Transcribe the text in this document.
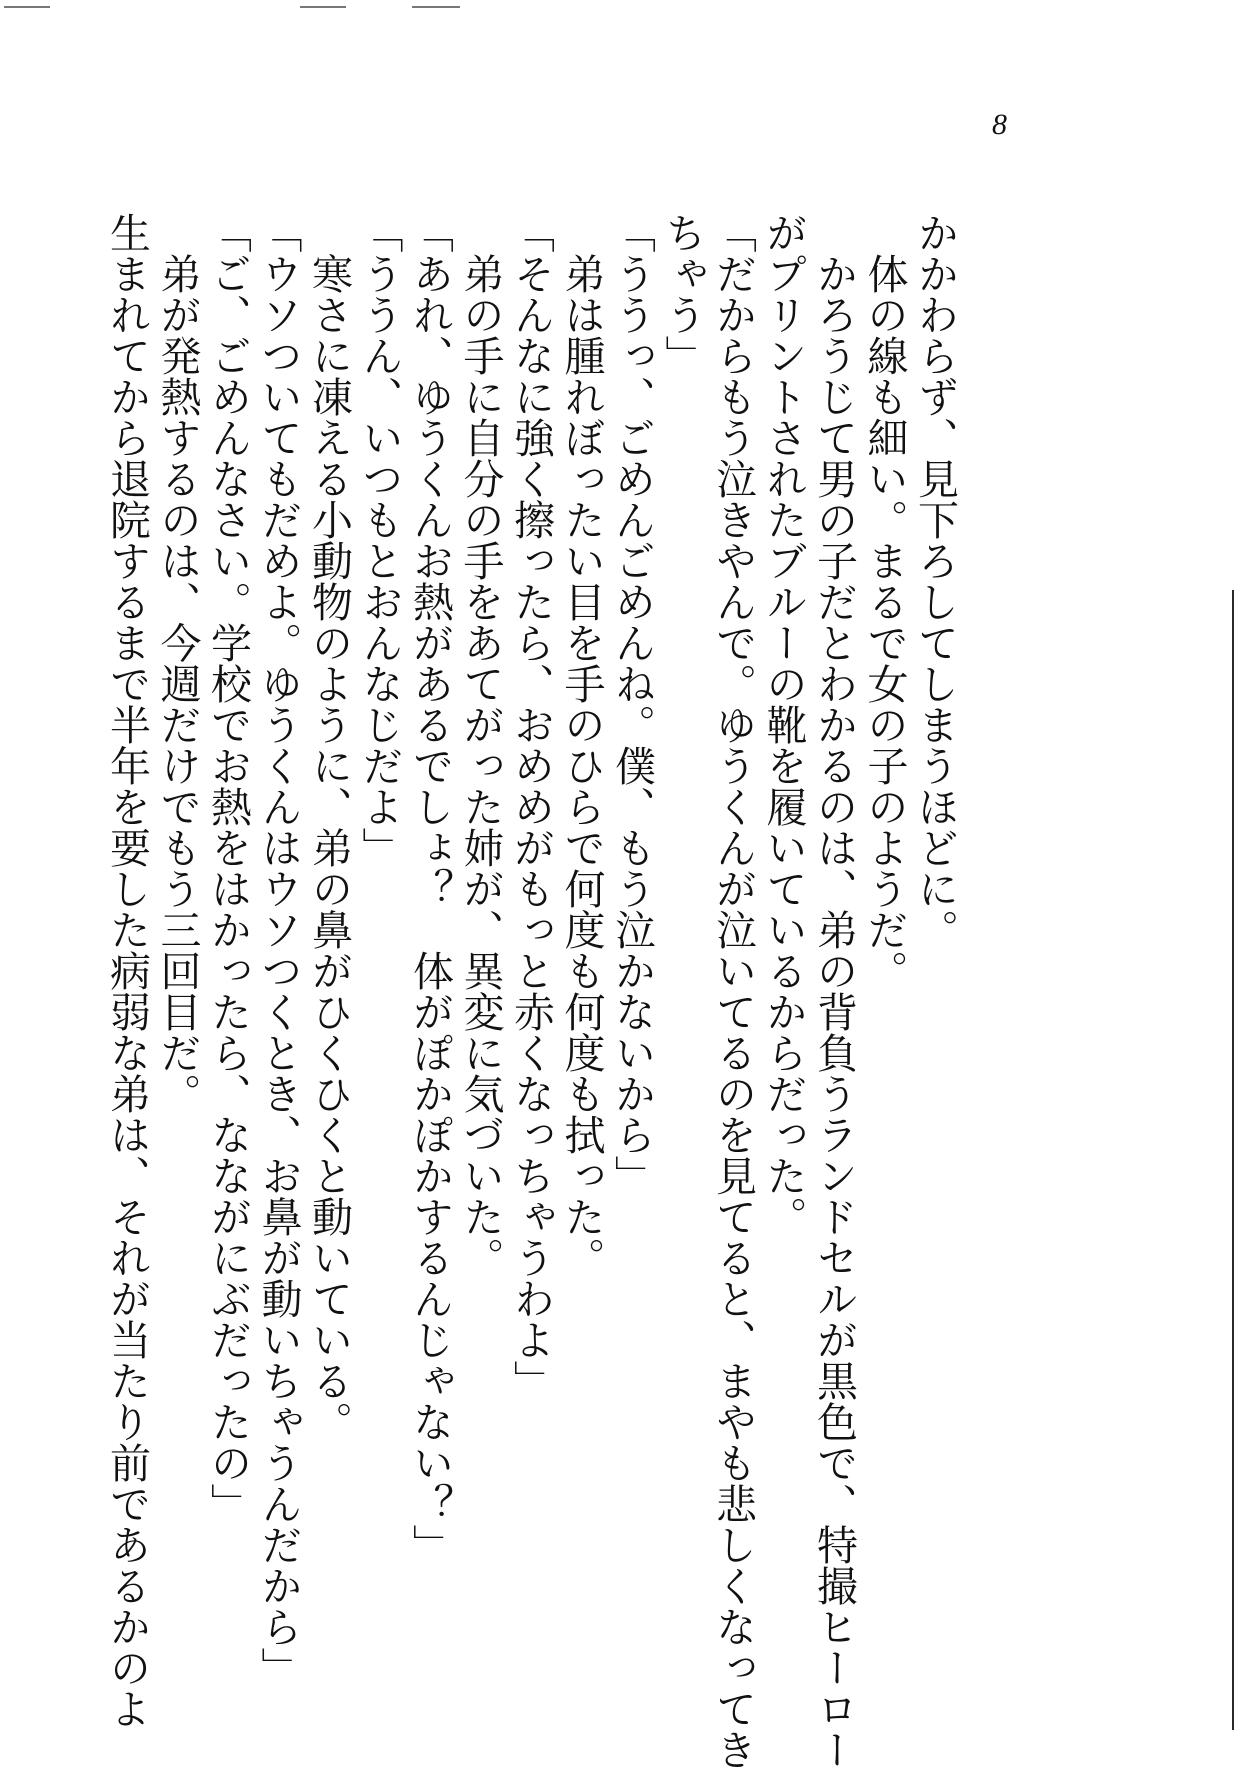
8
かかわらず、見下ろしてしまうほどに。
　体の線も細い。まるで女の子のようだ。
　かろうじて男の子だとわかるのは、弟の背負うランドセルが黒色で、特撮ヒーロー
がプリントされたブルーの靴を履いているからだった。
「だからもう泣きやんで。ゆうくんが泣いてるのを見てると、まやも悲しくなってき
ちゃう」
「ううっ、ごめんごめんね。僕、もう泣かないから」
　弟は腫れぼったい目を手のひらで何度も何度も拭った。
「そんなに強く擦ったら、おめめがもっと赤くなっちゃうわよ」
　弟の手に自分の手をあてがった姉が、異変に気づいた。
「あれ、ゆうくんお熱があるでしょ？　体がぽかぽかするんじゃない？」
「ううん、いつもとおんなじだよ」
　寒さに凍える小動物のように、弟の鼻がひくひくと動いている。
「ウソついてもだめよ。ゆうくんはウソつくとき、お鼻が動いちゃうんだから」
「ご、ごめんなさい。学校でお熱をはかったら、なながにぶだったの」
　弟が発熱するのは、今週だけでもう三回目だ。
生まれてから退院するまで半年を要した病弱な弟は、それが当たり前であるかのよ
